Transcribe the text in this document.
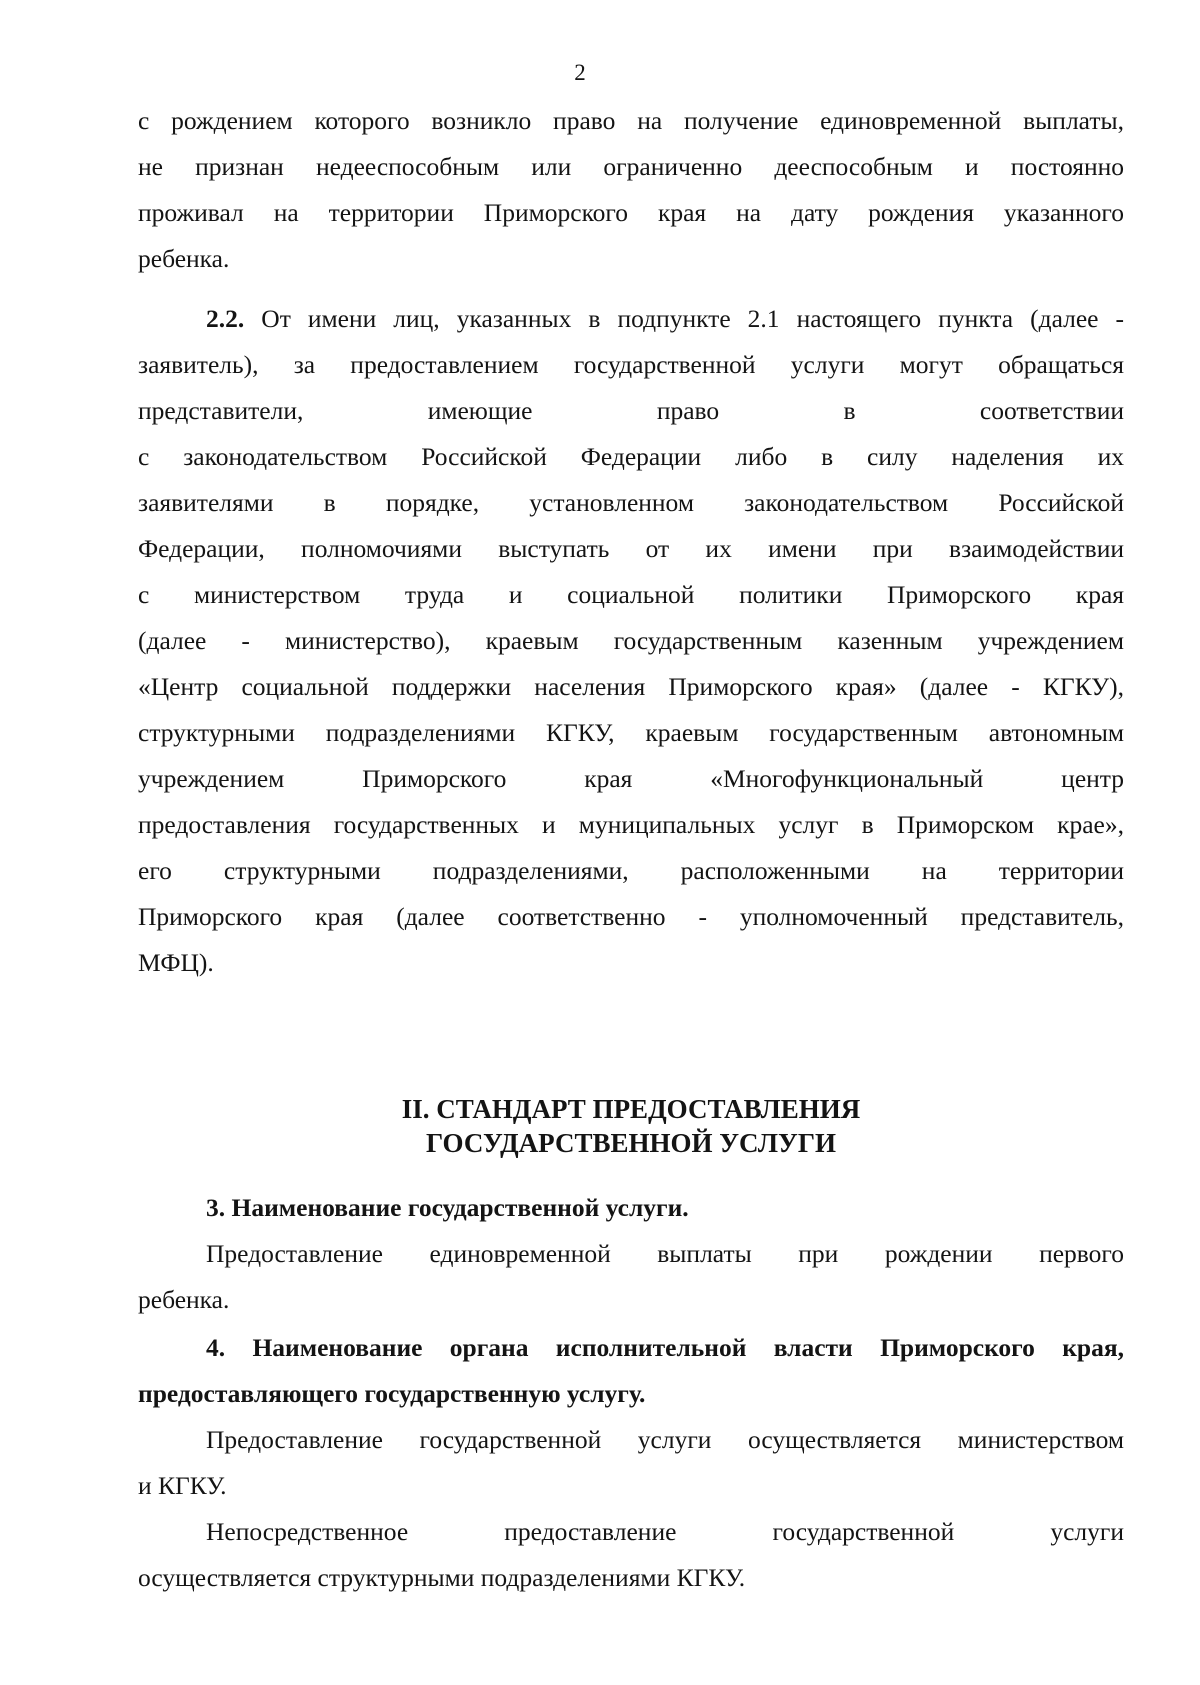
2
с рождением которого возникло право на получение единовременной выплаты,
не признан недееспособным или ограниченно дееспособным и постоянно
проживал на территории Приморского края на дату рождения указанного
ребенка.
2.2. От имени лиц, указанных в подпункте 2.1 настоящего пункта (далее -
заявитель), за предоставлением государственной услуги могут обращаться
представители, имеющие право в соответствии
с законодательством Российской Федерации либо в силу наделения их
заявителями в порядке, установленном законодательством Российской
Федерации, полномочиями выступать от их имени при взаимодействии
с министерством труда и социальной политики Приморского края
(далее - министерство), краевым государственным казенным учреждением
«Центр социальной поддержки населения Приморского края» (далее - КГКУ),
структурными подразделениями КГКУ, краевым государственным автономным
учреждением Приморского края «Многофункциональный центр
предоставления государственных и муниципальных услуг в Приморском крае»,
его структурными подразделениями, расположенными на территории
Приморского края (далее соответственно - уполномоченный представитель,
МФЦ).
II. СТАНДАРТ ПРЕДОСТАВЛЕНИЯ
ГОСУДАРСТВЕННОЙ УСЛУГИ
3. Наименование государственной услуги.
Предоставление единовременной выплаты при рождении первого
ребенка.
4. Наименование органа исполнительной власти Приморского края,
предоставляющего государственную услугу.
Предоставление государственной услуги осуществляется министерством
и КГКУ.
Непосредственное предоставление государственной услуги
осуществляется структурными подразделениями КГКУ.
